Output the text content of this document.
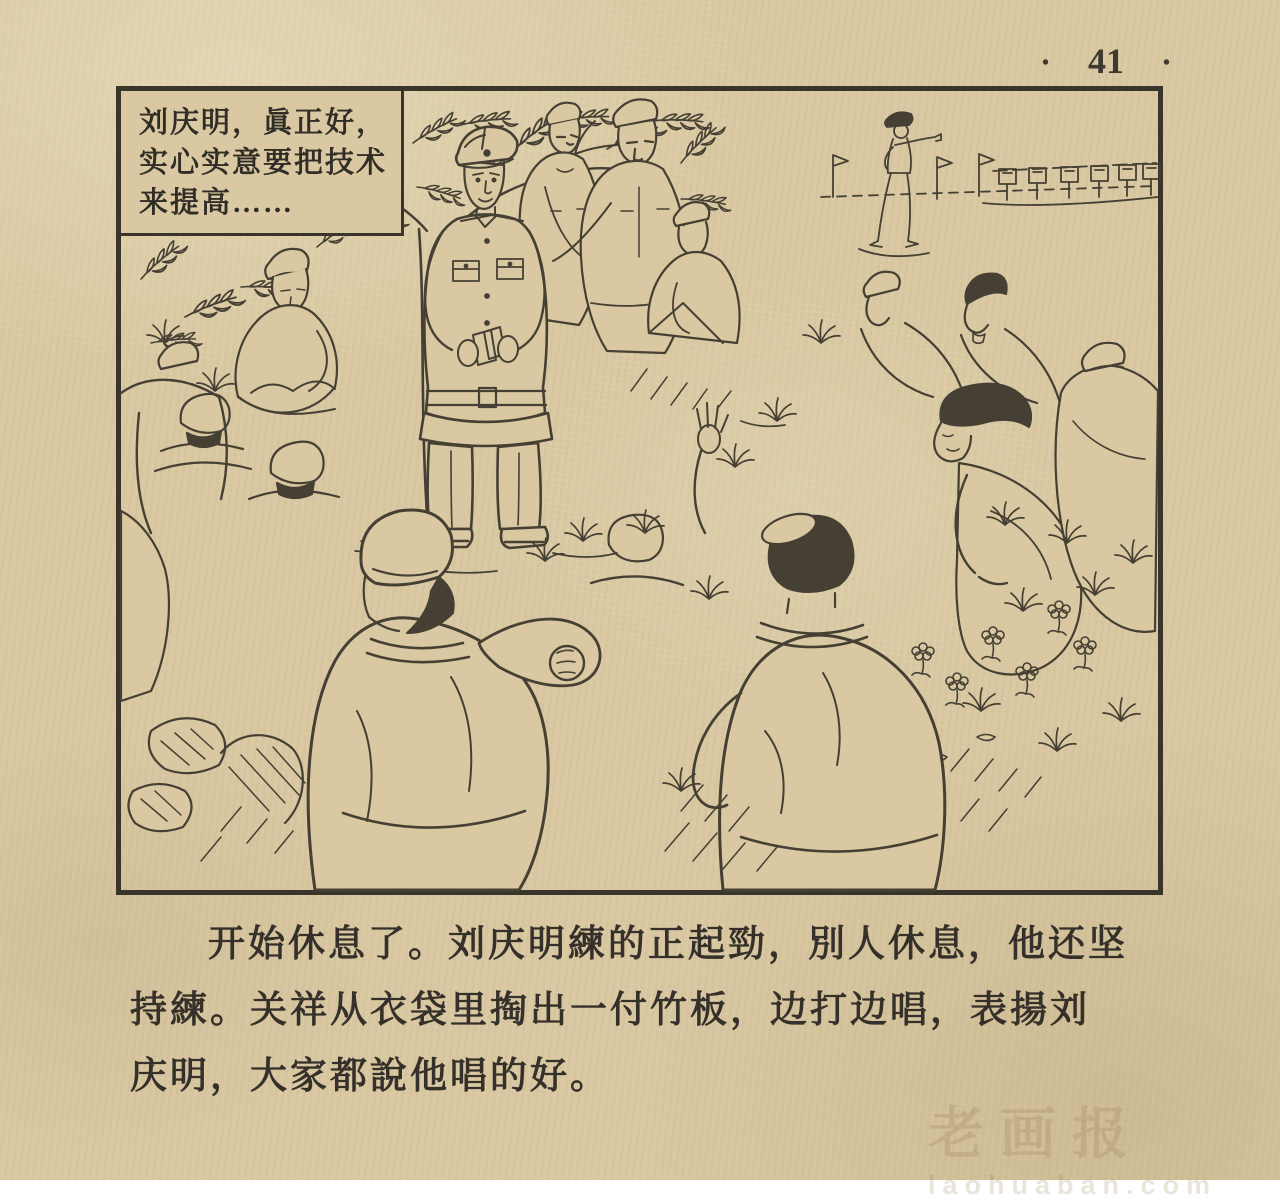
• 41 •
刘庆明，眞正好，
实心实意要把技术
来提高……
开始休息了。刘庆明練的正起勁，別人休息，他还坚
持練。关祥从衣袋里掏出一付竹板，边打边唱，表揚刘
庆明，大家都說他唱的好。
老画报
laohuaban.com
